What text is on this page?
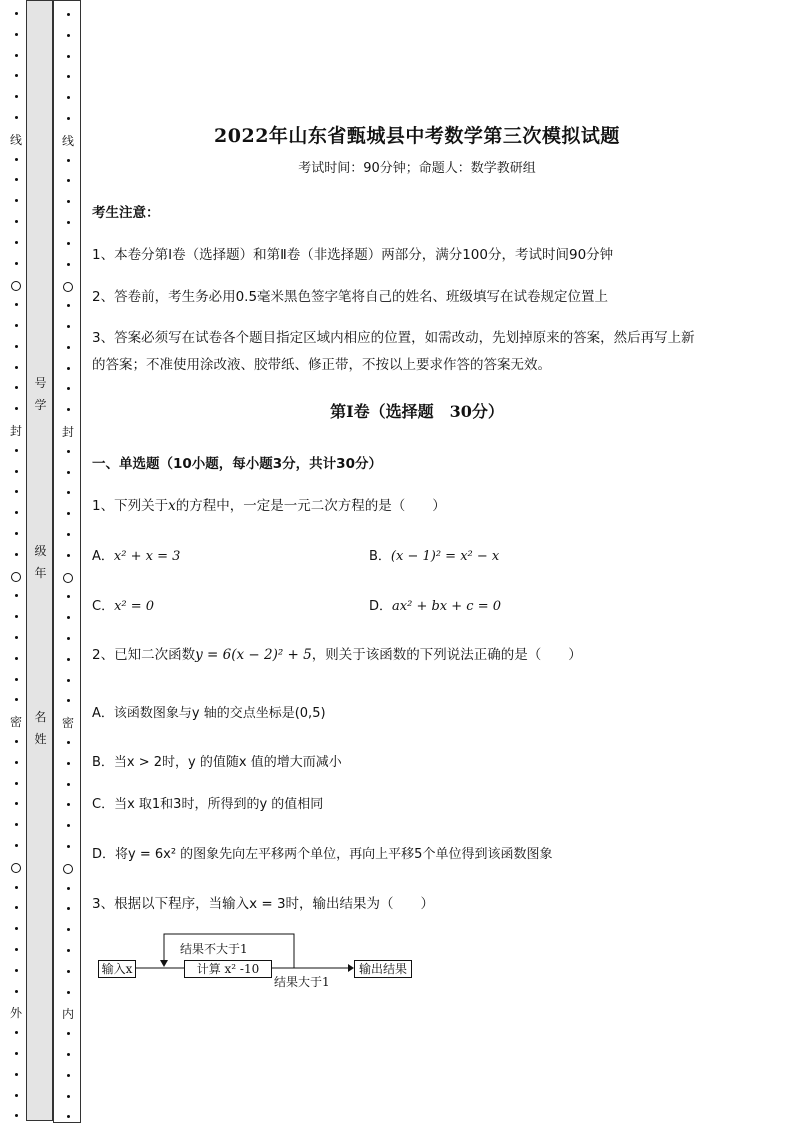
线
封
密
外
号
学
级
年
名
姓
线
封
密
内
2022年山东省甄城县中考数学第三次模拟试题
考试时间：90分钟；命题人：数学教研组
考生注意：
1、本卷分第Ⅰ卷（选择题）和第Ⅱ卷（非选择题）两部分，满分100分，考试时间90分钟
2、答卷前，考生务必用0.5毫米黑色签字笔将自己的姓名、班级填写在试卷规定位置上
3、答案必须写在试卷各个题目指定区域内相应的位置，如需改动，先划掉原来的答案，然后再写上新
的答案；不准使用涂改液、胶带纸、修正带，不按以上要求作答的答案无效。
第Ⅰ卷（选择题　30分）
一、单选题（10小题，每小题3分，共计30分）
1、下列关于x的方程中，一定是一元二次方程的是（　　）
A．x² + x = 3	B．(x − 1)² = x² − x
C．x² = 0	D．ax² + bx + c = 0
2、已知二次函数y = 6(x − 2)² + 5，则关于该函数的下列说法正确的是（　　）
A．该函数图象与y 轴的交点坐标是(0,5)
B．当x > 2时，y 的值随x 值的增大而减小
C．当x 取1和3时，所得到的y 的值相同
D．将y = 6x² 的图象先向左平移两个单位，再向上平移5个单位得到该函数图象
3、根据以下程序，当输入x = 3时，输出结果为（　　）
输入x	计算 x² -10	输出结果
结果不大于1
结果大于1
